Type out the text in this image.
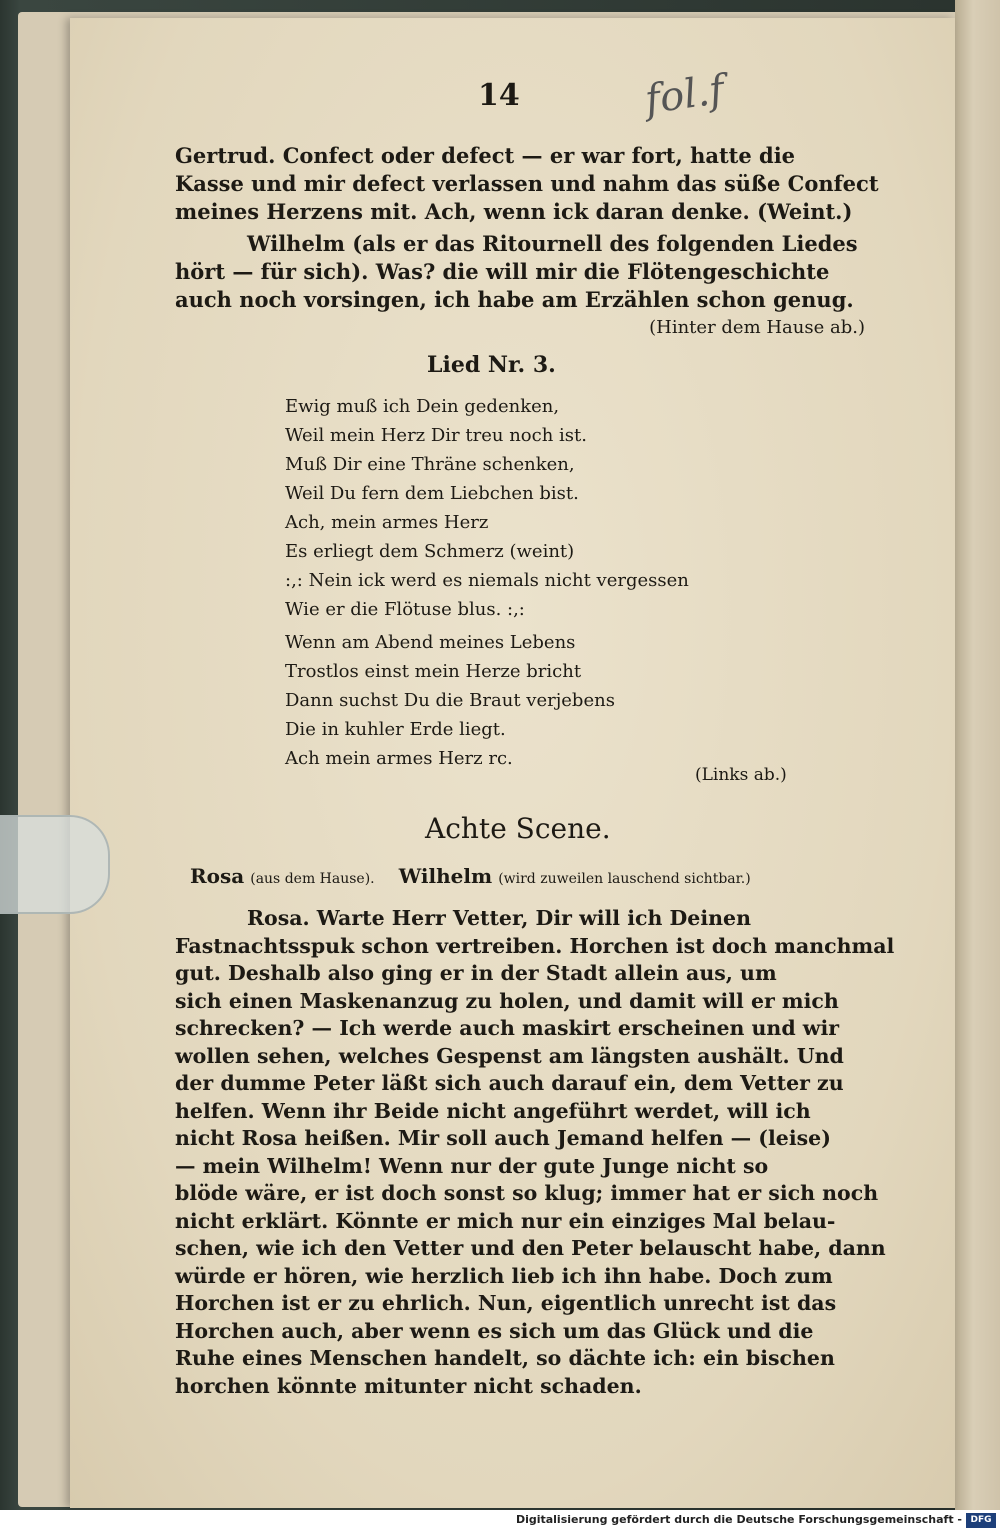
14	fol.f
Gertrud. Confect oder defect — er war fort, hatte die
Kasse und mir defect verlassen und nahm das süße Confect
meines Herzens mit. Ach, wenn ick daran denke. (Weint.)
Wilhelm (als er das Ritournell des folgenden Liedes
hört — für sich). Was? die will mir die Flötengeschichte
auch noch vorsingen, ich habe am Erzählen schon genug.
(Hinter dem Hause ab.)
Lied Nr. 3.
Ewig muß ich Dein gedenken,
Weil mein Herz Dir treu noch ist.
Muß Dir eine Thräne schenken,
Weil Du fern dem Liebchen bist.
Ach, mein armes Herz
Es erliegt dem Schmerz (weint)
:,: Nein ick werd es niemals nicht vergessen
Wie er die Flötuse blus. :,:
Wenn am Abend meines Lebens
Trostlos einst mein Herze bricht
Dann suchst Du die Braut verjebens
Die in kuhler Erde liegt.
Ach mein armes Herz rc.
(Links ab.)
Achte Scene.
Rosa (aus dem Hause). Wilhelm (wird zuweilen lauschend sichtbar.)
Rosa. Warte Herr Vetter, Dir will ich Deinen
Fastnachtsspuk schon vertreiben. Horchen ist doch manchmal
gut. Deshalb also ging er in der Stadt allein aus, um
sich einen Maskenanzug zu holen, und damit will er mich
schrecken? — Ich werde auch maskirt erscheinen und wir
wollen sehen, welches Gespenst am längsten aushält. Und
der dumme Peter läßt sich auch darauf ein, dem Vetter zu
helfen. Wenn ihr Beide nicht angeführt werdet, will ich
nicht Rosa heißen. Mir soll auch Jemand helfen — (leise)
— mein Wilhelm! Wenn nur der gute Junge nicht so
blöde wäre, er ist doch sonst so klug; immer hat er sich noch
nicht erklärt. Könnte er mich nur ein einziges Mal belau-
schen, wie ich den Vetter und den Peter belauscht habe, dann
würde er hören, wie herzlich lieb ich ihn habe. Doch zum
Horchen ist er zu ehrlich. Nun, eigentlich unrecht ist das
Horchen auch, aber wenn es sich um das Glück und die
Ruhe eines Menschen handelt, so dächte ich: ein bischen
horchen könnte mitunter nicht schaden.
Digitalisierung gefördert durch die Deutsche Forschungsgemeinschaft - DFG
